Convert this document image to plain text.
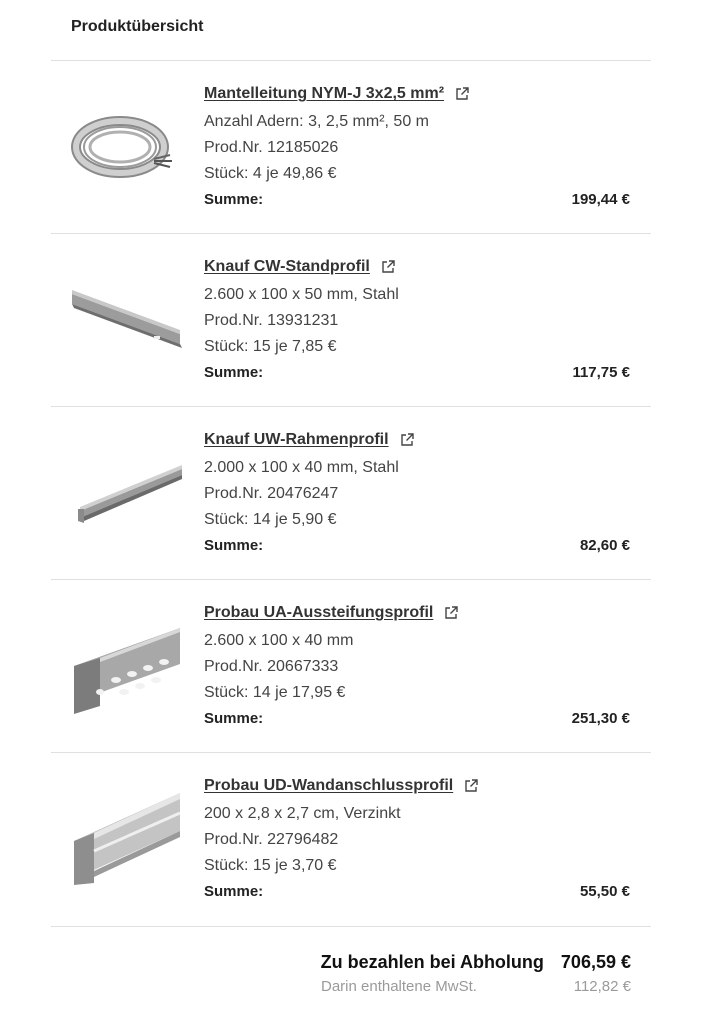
Produktübersicht
Mantelleitung NYM-J 3x2,5 mm²
Anzahl Adern: 3, 2,5 mm², 50 m
Prod.Nr. 12185026
Stück: 4 je 49,86 €
Summe:	199,44 €
Knauf CW-Standprofil
2.600 x 100 x 50 mm, Stahl
Prod.Nr. 13931231
Stück: 15 je 7,85 €
Summe:	117,75 €
Knauf UW-Rahmenprofil
2.000 x 100 x 40 mm, Stahl
Prod.Nr. 20476247
Stück: 14 je 5,90 €
Summe:	82,60 €
Probau UA-Aussteifungsprofil
2.600 x 100 x 40 mm
Prod.Nr. 20667333
Stück: 14 je 17,95 €
Summe:	251,30 €
Probau UD-Wandanschlussprofil
200 x 2,8 x 2,7 cm, Verzinkt
Prod.Nr. 22796482
Stück: 15 je 3,70 €
Summe:	55,50 €
Zu bezahlen bei Abholung 706,59 €
Darin enthaltene MwSt.	112,82 €
